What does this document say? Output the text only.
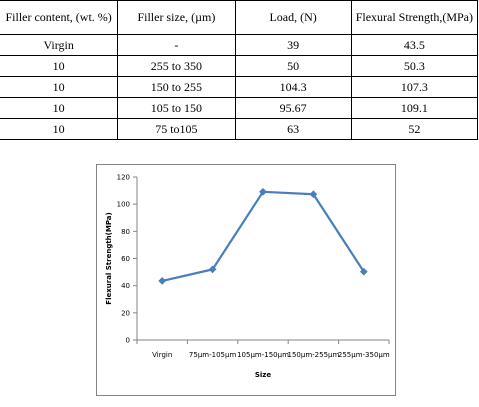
Filler content, (wt. %)	Filler size, (µm)	Load, (N)	Flexural Strength,(MPa)
Virgin	-	39	43.5
10	255 to 350	50	50.3
10	150 to 255	104.3	107.3
10	105 to 150	95.67	109.1
10	75 to105	63	52
0
20
40
60
80
100
120
Virgin 75µm-105µm 105µm-150µm
150µm-255µm
255µm-350µm
Size
Flexural Strength(MPa)
